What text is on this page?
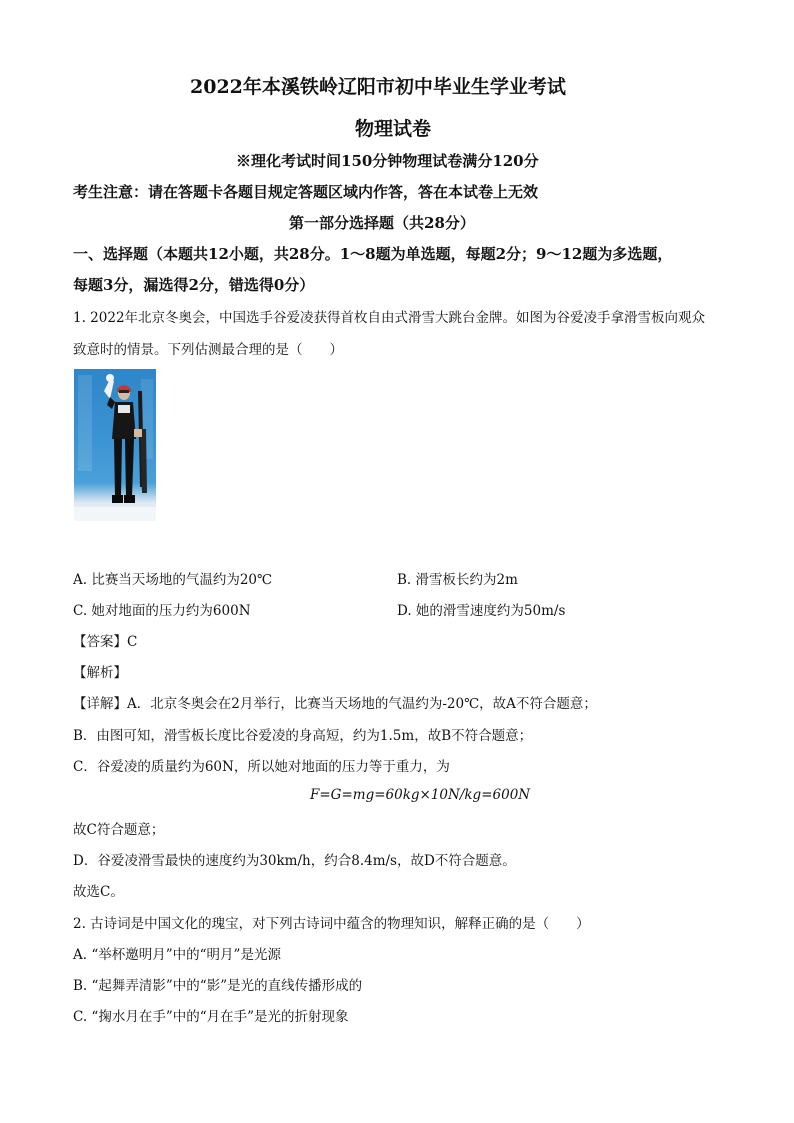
2022年本溪铁岭辽阳市初中毕业生学业考试
物理试卷
※理化考试时间150分钟物理试卷满分120分
考生注意：请在答题卡各题目规定答题区域内作答，答在本试卷上无效
第一部分选择题（共28分）
一、选择题（本题共12小题，共28分。1～8题为单选题，每题2分；9～12题为多选题，
每题3分，漏选得2分，错选得0分）
1. 2022年北京冬奥会，中国选手谷爱凌获得首枚自由式滑雪大跳台金牌。如图为谷爱凌手拿滑雪板向观众
致意时的情景。下列估测最合理的是（　　）
A. 比赛当天场地的气温约为20℃	B. 滑雪板长约为2m
C. 她对地面的压力约为600N	D. 她的滑雪速度约为50m/s
【答案】C
【解析】
【详解】A．北京冬奥会在2月举行，比赛当天场地的气温约为-20℃，故A不符合题意；
B．由图可知，滑雪板长度比谷爱凌的身高短，约为1.5m，故B不符合题意；
C．谷爱凌的质量约为60N，所以她对地面的压力等于重力，为
F=G=mg=60kg×10N/kg=600N
故C符合题意；
D．谷爱凌滑雪最快的速度约为30km/h，约合8.4m/s，故D不符合题意。
故选C。
2. 古诗词是中国文化的瑰宝，对下列古诗词中蕴含的物理知识，解释正确的是（　　）
A. “举杯邀明月”中的“明月”是光源
B. “起舞弄清影”中的“影”是光的直线传播形成的
C. “掬水月在手”中的“月在手”是光的折射现象
